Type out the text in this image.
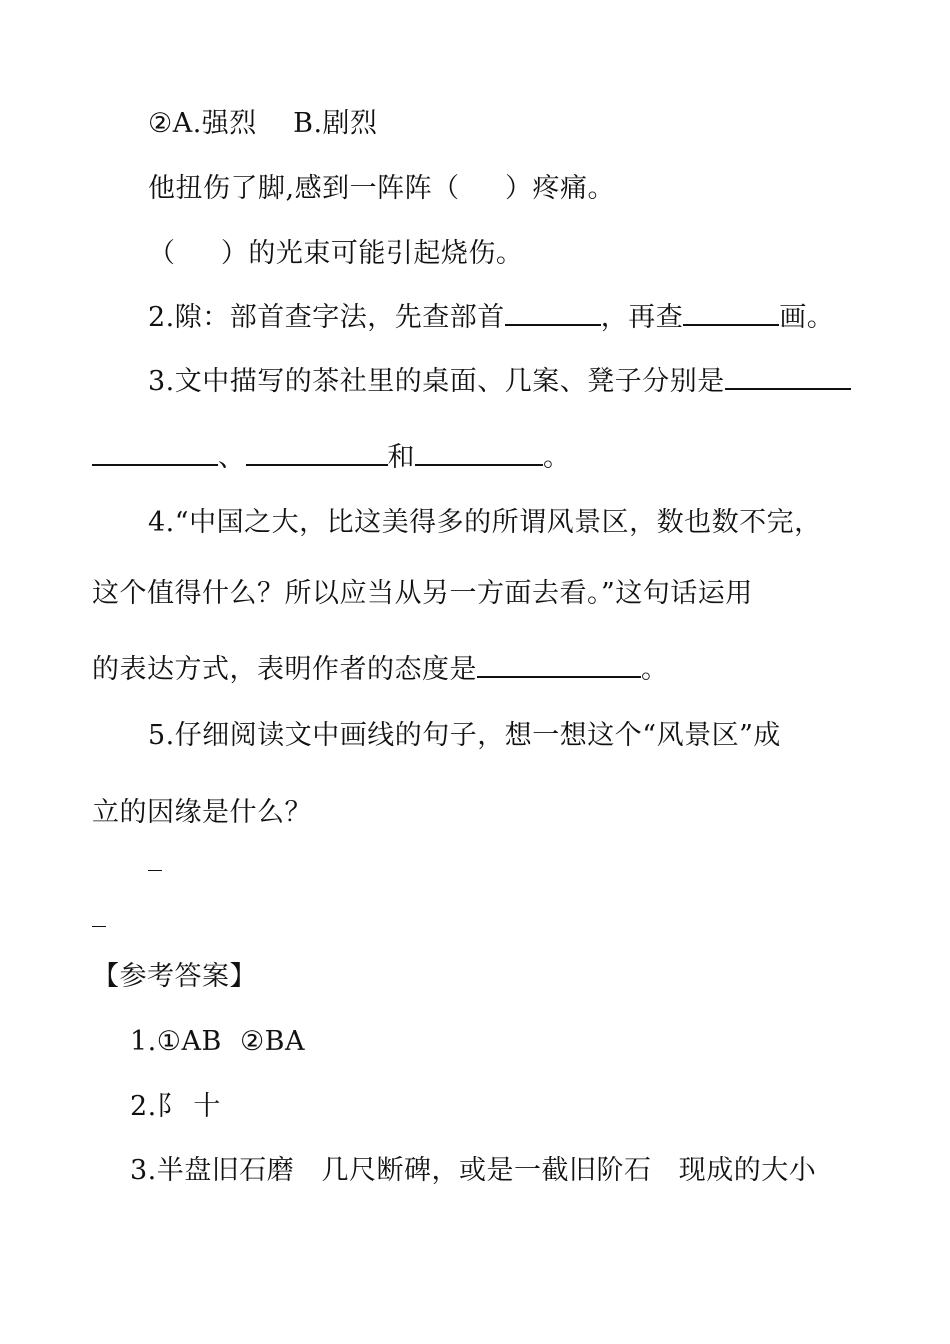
②A.强烈    B.剧烈
他扭伤了脚,感到一阵阵（     ）疼痛。
（     ）的光束可能引起烧伤。
2.隙：部首查字法，先查部首	，再查	画。
3.文中描写的茶社里的桌面、几案、凳子分别是
、	和	。
4.“中国之大，比这美得多的所谓风景区，数也数不完，
这个值得什么？所以应当从另一方面去看。”这句话运用
的表达方式，表明作者的态度是	。
5.仔细阅读文中画线的句子，想一想这个“风景区”成
立的因缘是什么？
【参考答案】
1.①AB  ②BA
2.阝 十
3.半盘旧石磨   几尺断碑，或是一截旧阶石   现成的大小
